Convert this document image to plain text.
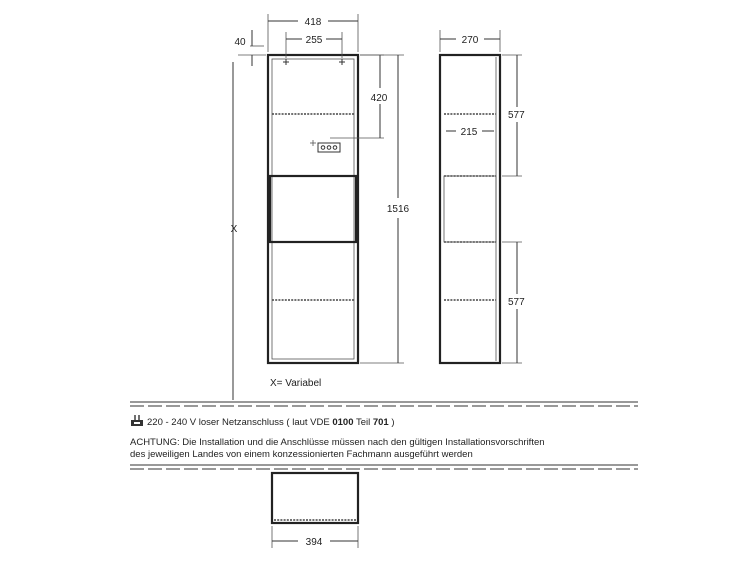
418
255
40
X
420
1516
X= Variabel
270
215
577
577
394
220 - 240 V loser Netzanschluss ( laut VDE 0100 Teil 701 )
ACHTUNG: Die Installation und die Anschlüsse müssen nach den gültigen Installationsvorschriften
des jeweiligen Landes von einem konzessionierten Fachmann ausgeführt werden
